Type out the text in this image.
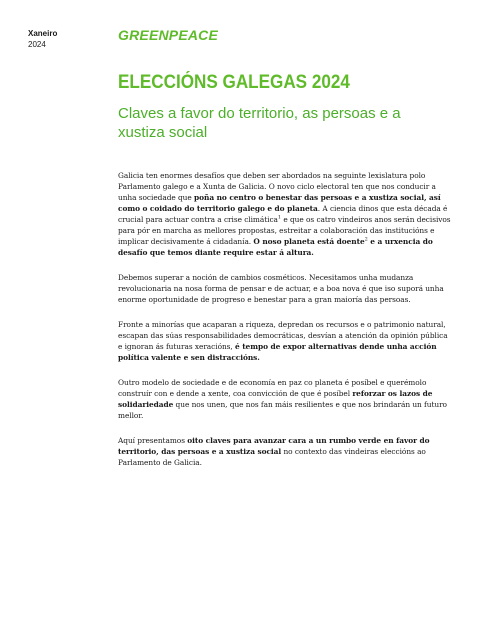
Xaneiro
2024
GREENPEACE
ELECCIÓNS GALEGAS 2024
Claves a favor do territorio, as persoas e a xustiza social

Galicia ten enormes desafíos que deben ser abordados na seguinte lexislatura polo Parlamento galego e a Xunta de Galicia. O novo ciclo electoral ten que nos conducir a unha sociedade que poña no centro o benestar das persoas e a xustiza social, así como o coidado do territorio galego e do planeta. A ciencia dinos que esta década é crucial para actuar contra a crise climática$^1$ e que os catro vindeiros anos serán decisivos para pór en marcha as mellores propostas, estreitar a colaboración das institucións e implicar decisivamente á cidadanía. O noso planeta está doente$^2$ e a urxencia do desafío que temos diante require estar á altura.

Debemos superar a noción de cambios cosméticos. Necesitamos unha mudanza revolucionaria na nosa forma de pensar e de actuar, e a boa nova é que iso suporá unha enorme oportunidade de progreso e benestar para a gran maioría das persoas.

Fronte a minorías que acaparan a riqueza, depredan os recursos e o patrimonio natural, escapan das súas responsabilidades democráticas, desvían a atención da opinión pública e ignoran ás futuras xeracións, é tempo de expor alternativas dende unha acción política valente e sen distraccións.

Outro modelo de sociedade e de economía en paz co planeta é posíbel e querémolo construír con e dende a xente, coa convicción de que é posíbel reforzar os lazos de solidariedade que nos unen, que nos fan máis resilientes e que nos brindarán un futuro mellor.

Aquí presentamos oito claves para avanzar cara a un rumbo verde en favor do territorio, das persoas e a xustiza social no contexto das vindeiras eleccións ao Parlamento de Galicia.
